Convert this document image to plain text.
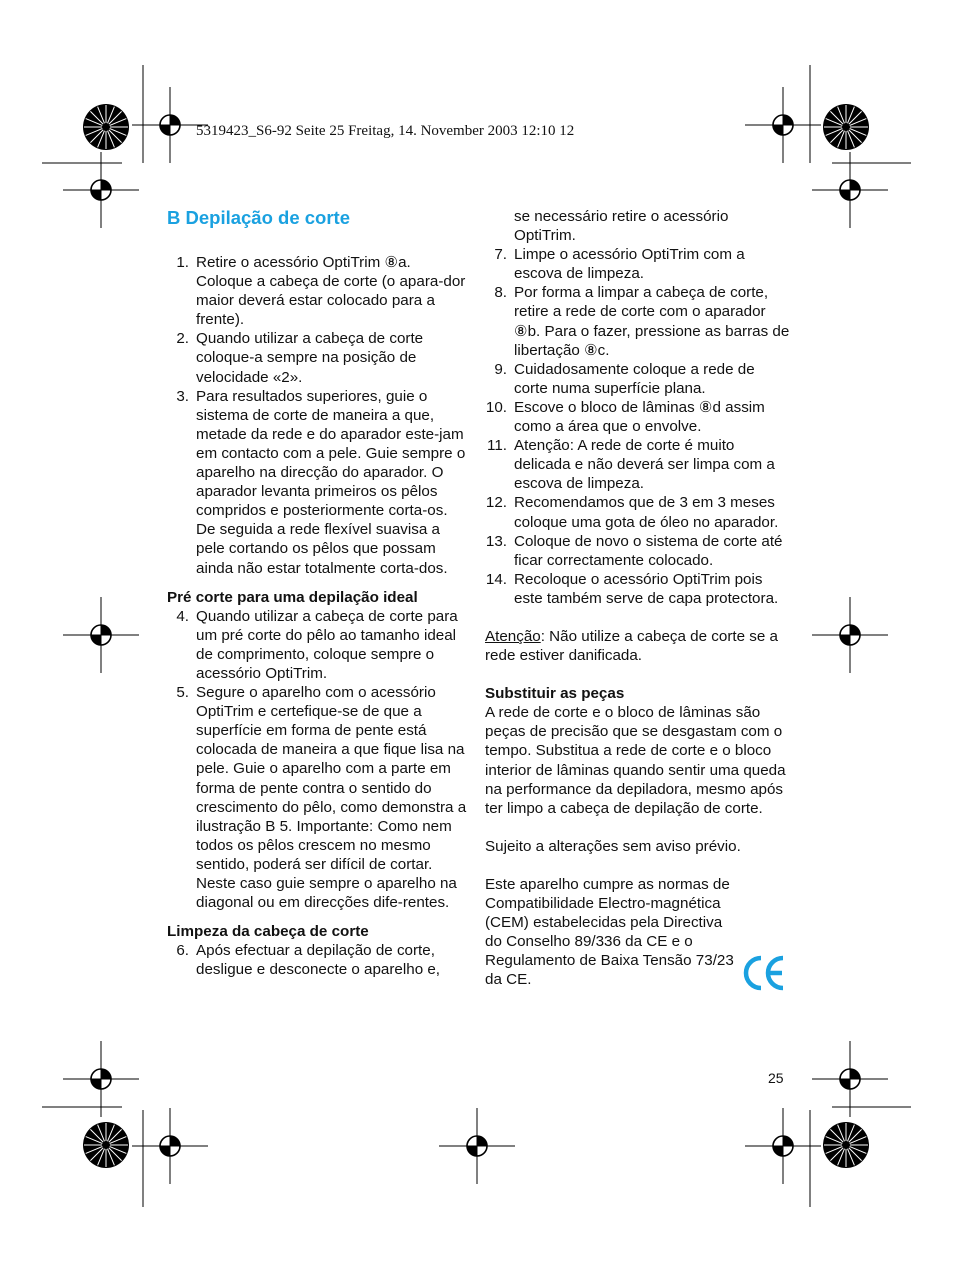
5319423_S6-92 Seite 25 Freitag, 14. November 2003 12:10 12
B Depilação de corte
1. Retire o acessório OptiTrim ⑧a. Coloque a cabeça de corte (o apara-dor maior deverá estar colocado para a frente).
2. Quando utilizar a cabeça de corte coloque-a sempre na posição de velocidade «2».
3. Para resultados superiores, guie o sistema de corte de maneira a que, metade da rede e do aparador este-jam em contacto com a pele. Guie sempre o aparelho na direcção do aparador. O aparador levanta primeiros os pêlos compridos e posteriormente corta-os. De seguida a rede flexível suavisa a pele cortando os pêlos que possam ainda não estar totalmente corta-dos.

Pré corte para uma depilação ideal

4. Quando utilizar a cabeça de corte para um pré corte do pêlo ao tamanho ideal de comprimento, coloque sempre o acessório OptiTrim.
5. Segure o aparelho com o acessório OptiTrim e certefique-se de que a superfície em forma de pente está colocada de maneira a que fique lisa na pele. Guie o aparelho com a parte em forma de pente contra o sentido do crescimento do pêlo, como demonstra a ilustração B 5. Importante: Como nem todos os pêlos crescem no mesmo sentido, poderá ser difícil de cortar. Neste caso guie sempre o aparelho na diagonal ou em direcções dife-rentes.

Limpeza da cabeça de corte

6. Após efectuar a depilação de corte, desligue e desconecte o aparelho e,

se necessário retire o acessório OptiTrim.

7. Limpe o acessório OptiTrim com a escova de limpeza.
8. Por forma a limpar a cabeça de corte, retire a rede de corte com o aparador ⑧b. Para o fazer, pressione as barras de libertação ⑧c.
9. Cuidadosamente coloque a rede de corte numa superfície plana.
10. Escove o bloco de lâminas ⑧d assim como a área que o envolve.
11. Atenção: A rede de corte é muito delicada e não deverá ser limpa com a escova de limpeza.
12. Recomendamos que de 3 em 3 meses coloque uma gota de óleo no aparador.
13. Coloque de novo o sistema de corte até ficar correctamente colocado.
14. Recoloque o acessório OptiTrim pois este também serve de capa protectora.

Atenção: Não utilize a cabeça de corte se a rede estiver danificada.

Substituir as peças

A rede de corte e o bloco de lâminas são peças de precisão que se desgastam com o tempo. Substitua a rede de corte e o bloco interior de lâminas quando sentir uma queda na performance da depiladora, mesmo após ter limpo a cabeça de depilação de corte.

Sujeito a alterações sem aviso prévio.

Este aparelho cumpre as normas de Compatibilidade Electro-magnética (CEM) estabelecidas pela Directiva do Conselho 89/336 da CE e o Regulamento de Baixa Tensão 73/23 da CE.

25
